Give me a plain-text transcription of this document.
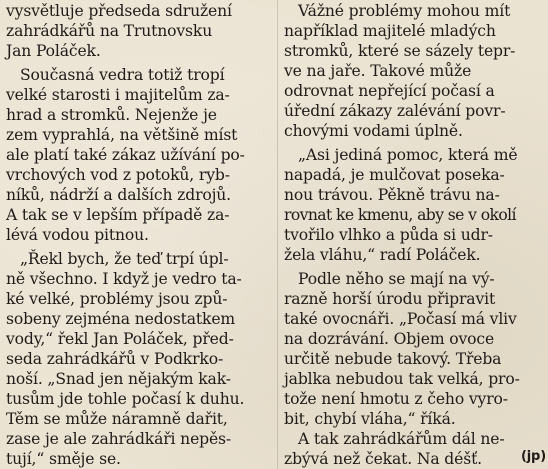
vysvětluje předseda sdružení
zahrádkářů na Trutnovsku
Jan Poláček.
Současná vedra totiž tropí
velké starosti i majitelům za-
hrad a stromků. Nejenže je
zem vyprahlá, na většině míst
ale platí také zákaz užívání po-
vrchových vod z potoků, ryb-
níků, nádrží a dalších zdrojů.
A tak se v lepším případě za-
lévá vodou pitnou.
„Řekl bych, že teď trpí úpl-
ně všechno. I když je vedro ta-
ké velké, problémy jsou způ-
sobeny zejména nedostatkem
vody,“ řekl Jan Poláček, před-
seda zahrádkářů v Podkrko-
noší. „Snad jen nějakým kak-
tusům jde tohle počasí k duhu.
Těm se může náramně dařit,
zase je ale zahrádkáři nepěs-
tují,“ směje se.
Vážné problémy mohou mít
například majitelé mladých
stromků, které se sázely tepr-
ve na jaře. Takové může
odrovnat nepřející počasí a
úřední zákazy zalévání povr-
chovými vodami úplně.
„Asi jediná pomoc, která mě
napadá, je mulčovat poseka-
nou trávou. Pěkně trávu na-
rovnat ke kmenu, aby se v okolí
tvořilo vlhko a půda si udr-
žela vláhu,“ radí Poláček.
Podle něho se mají na vý-
razně horší úrodu připravit
také ovocnáři. „Počasí má vliv
na dozrávání. Objem ovoce
určitě nebude takový. Třeba
jablka nebudou tak velká, pro-
tože není hmotu z čeho vyro-
bit, chybí vláha,“ říká.
A tak zahrádkářům dál ne-
zbývá než čekat. Na déšť.	(jp)
